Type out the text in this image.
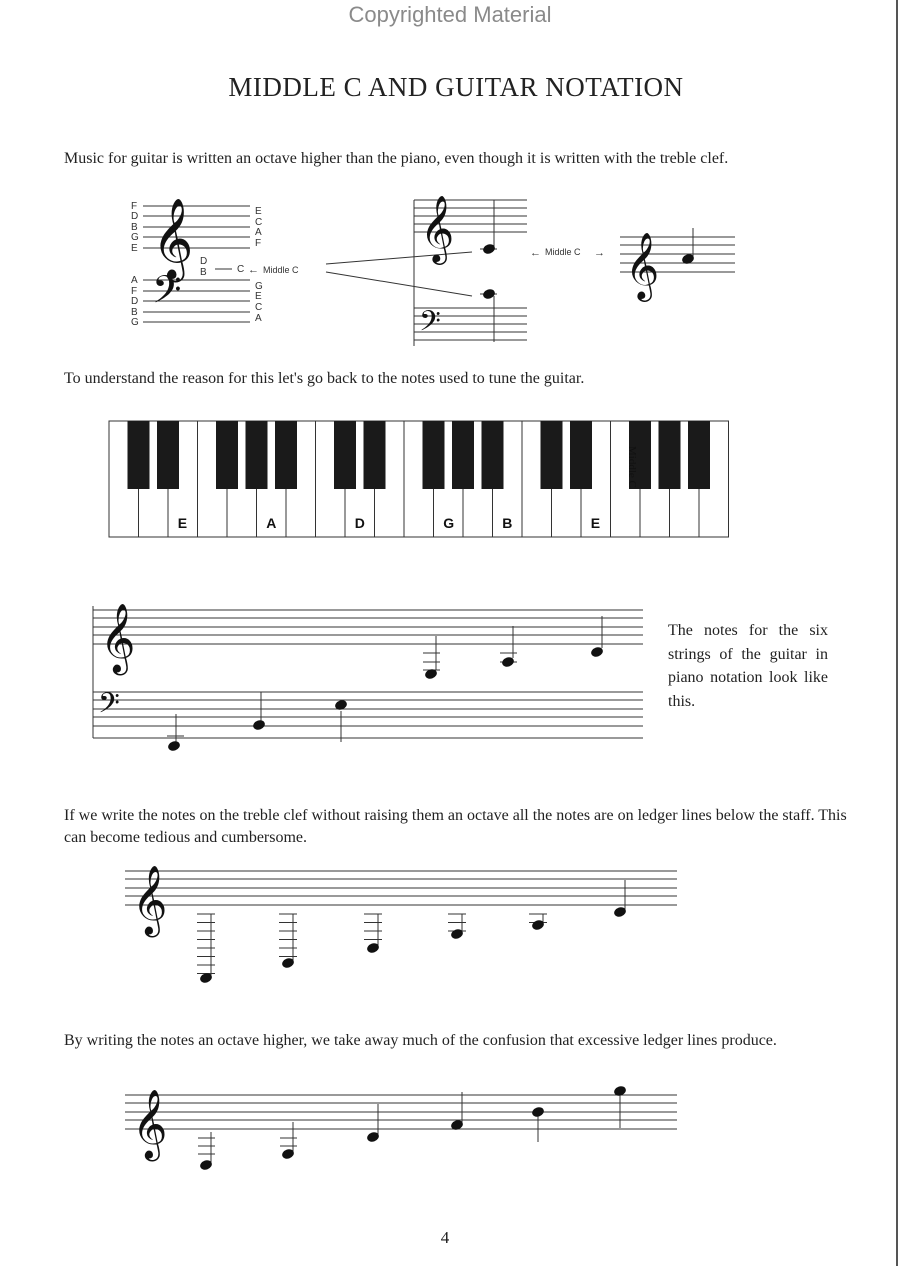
Copyrighted Material
MIDDLE C AND GUITAR NOTATION
Music for guitar is written an octave higher than the piano, even though it is written with the treble clef.
𝄞
𝄢
F
D
B
G
E
E
C
A
F
D
B	C
A
F
D
B
G
G
E
C
A
← Middle C
𝄞
𝄢
← Middle C → 𝄞
To understand the reason for this let's go back to the notes used to tune the guitar.
E	A	D	G	B	E
Middle C
𝄞
𝄢
The notes for the six strings of the guitar in piano notation look like this.
If we write the notes on the treble clef without raising them an octave all the notes are on ledger lines below the staff. This can become tedious and cumbersome.
𝄞
By writing the notes an octave higher, we take away much of the confusion that excessive ledger lines produce.
𝄞
4
